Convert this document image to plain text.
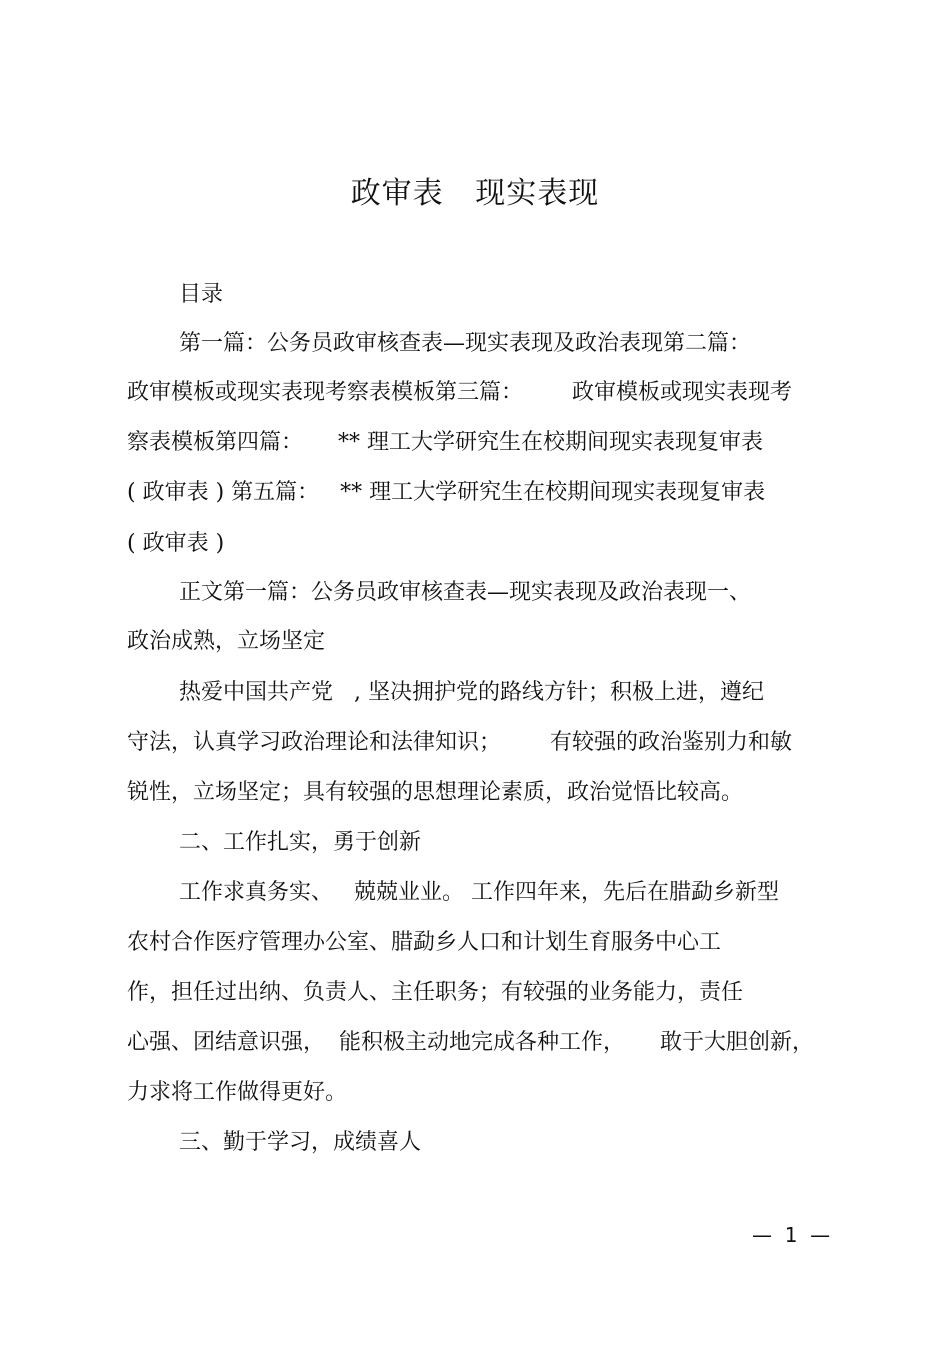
政审表   现实表现
目录
第一篇：公务员政审核查表—现实表现及政治表现第二篇：
政审模板或现实表现考察表模板第三篇：       政审模板或现实表现考
察表模板第四篇：     ** 理工大学研究生在校期间现实表现复审表
( 政审表 ) 第五篇：   ** 理工大学研究生在校期间现实表现复审表
( 政审表 )
正文第一篇：公务员政审核查表—现实表现及政治表现一、
政治成熟，立场坚定
热爱中国共产党   , 坚决拥护党的路线方针；积极上进，遵纪
守法，认真学习政治理论和法律知识；       有较强的政治鉴别力和敏
锐性，立场坚定；具有较强的思想理论素质，政治觉悟比较高。
二、工作扎实，勇于创新
工作求真务实、   兢兢业业。 工作四年来，先后在腊勐乡新型
农村合作医疗管理办公室、腊勐乡人口和计划生育服务中心工
作，担任过出纳、负责人、主任职务；有较强的业务能力，责任
心强、团结意识强，  能积极主动地完成各种工作，     敢于大胆创新，
力求将工作做得更好。
三、勤于学习，成绩喜人
—  1  —
